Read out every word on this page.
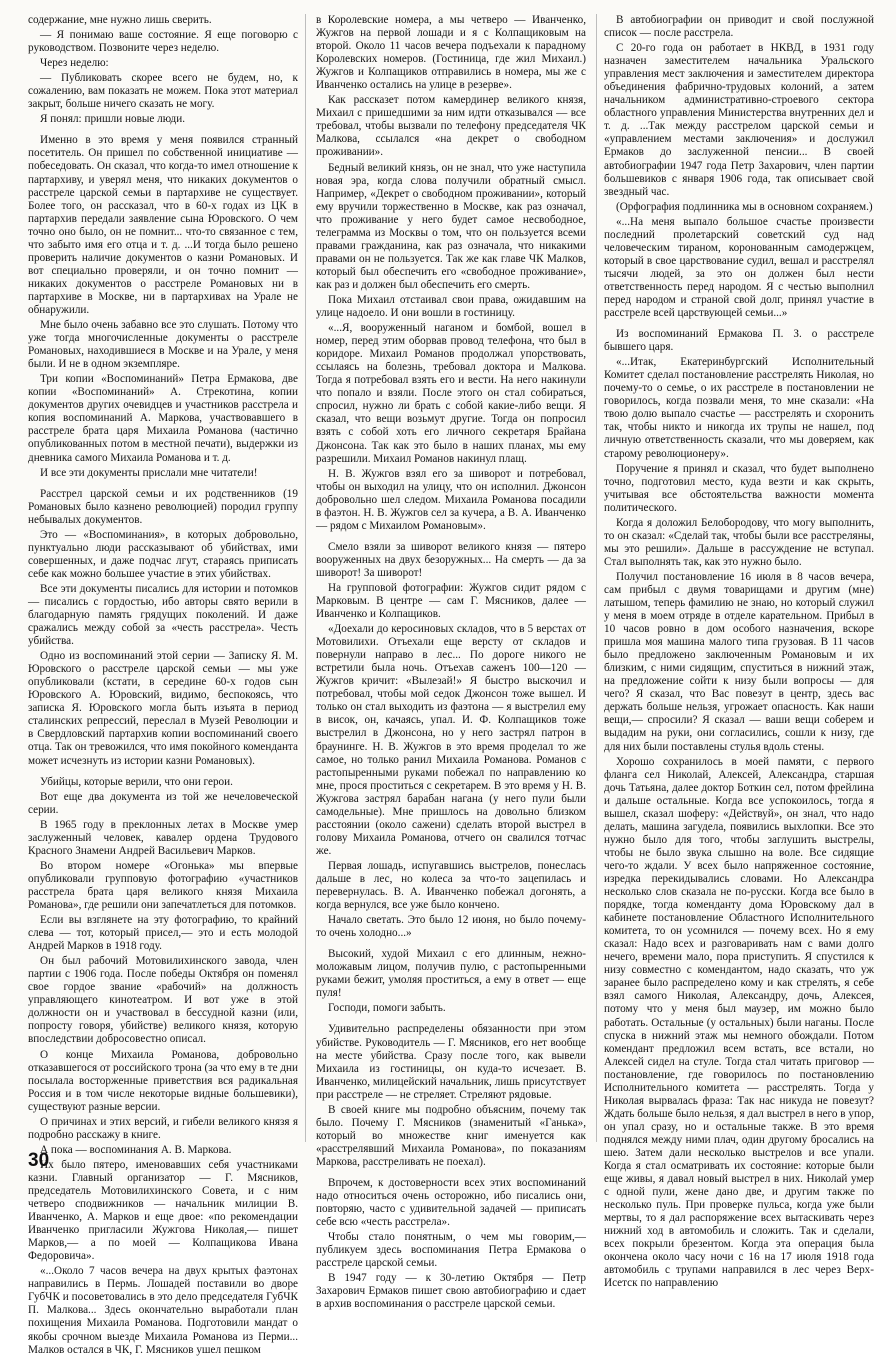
содержание, мне нужно лишь сверить.

— Я понимаю ваше состояние. Я еще поговорю с руководством. Позвоните через неделю.

Через неделю:

— Публиковать скорее всего не будем, но, к сожалению, вам показать не можем. Пока этот материал закрыт, больше ничего сказать не могу.

Я понял: пришли новые люди.

Именно в это время у меня появился странный посетитель. Он пришел по собственной инициативе — побеседовать. Он сказал, что когда-то имел отношение к партархиву, и уверял меня, что никаких документов о расстреле царской семьи в партархиве не существует. Более того, он рассказал, что в 60-х годах из ЦК в партархив передали заявление сына Юровского. О чем точно оно было, он не помнит... что-то связанное с тем, что забыто имя его отца и т. д. ...И тогда было решено проверить наличие документов о казни Романовых. И вот специально проверяли, и он точно помнит — никаких документов о расстреле Романовых ни в партархиве в Москве, ни в партархивах на Урале не обнаружили.

Мне было очень забавно все это слушать. Потому что уже тогда многочисленные документы о расстреле Романовых, находившиеся в Москве и на Урале, у меня были. И не в одном экземпляре.

Три копии «Воспоминаний» Петра Ермакова, две копии «Воспоминаний» А. Стрекотина, копии документов других очевидцев и участников расстрела и копия воспоминаний А. Маркова, участвовавшего в расстреле брата царя Михаила Романова (частично опубликованных потом в местной печати), выдержки из дневника самого Михаила Романова и т. д.

И все эти документы прислали мне читатели!

Расстрел царской семьи и их родственников (19 Романовых было казнено революцией) породил группу небывалых документов.

Это — «Воспоминания», в которых добровольно, пунктуально люди рассказывают об убийствах, ими совершенных, и даже подчас лгут, стараясь приписать себе как можно большее участие в этих убийствах.

Все эти документы писались для истории и потомков — писались с гордостью, ибо авторы свято верили в благодарную память грядущих поколений. И даже сражались между собой за «честь расстрела». Честь убийства.

Одно из воспоминаний этой серии — Записку Я. М. Юровского о расстреле царской семьи — мы уже опубликовали (кстати, в середине 60-х годов сын Юровского А. Юровский, видимо, беспокоясь, что записка Я. Юровского могла быть изъята в период сталинских репрессий, переслал в Музей Революции и в Свердловский партархив копии воспоминаний своего отца. Так он тревожился, что имя покойного коменданта может исчезнуть из истории казни Романовых).

Убийцы, которые верили, что они герои.

Вот еще два документа из той же нечеловеческой серии.

В 1965 году в преклонных летах в Москве умер заслуженный человек, кавалер ордена Трудового Красного Знамени Андрей Васильевич Марков.

Во втором номере «Огонька» мы впервые опубликовали групповую фотографию «участников расстрела брата царя великого князя Михаила Романова», где решили они запечатлеться для потомков.

Если вы взглянете на эту фотографию, то крайний слева — тот, который присел,— это и есть молодой Андрей Марков в 1918 году.

Он был рабочий Мотовилихинского завода, член партии с 1906 года. После победы Октября он поменял свое гордое звание «рабочий» на должность управляющего кинотеатром. И вот уже в этой должности он и участвовал в бессудной казни (или, попросту говоря, убийстве) великого князя, которую впоследствии добросовестно описал.

О конце Михаила Романова, добровольно отказавшегося от российского трона (за что ему в те дни посылала восторженные приветствия вся радикальная Россия и в том числе некоторые видные большевики), существуют разные версии.

О причинах и этих версий, и гибели великого князя я подробно расскажу в книге.

А пока — воспоминания А. В. Маркова.

Их было пятеро, именовавших себя участниками казни. Главный организатор — Г. Мясников, председатель Мотовилихинского Совета, и с ним четверо сподвижников — начальник милиции В. Иванченко, А. Марков и еще двое: «по рекомендации Иванченко пригласили Жужгова Николая,— пишет Марков,— а по моей — Колпащикова Ивана Федоровича».

«...Около 7 часов вечера на двух крытых фаэтонах направились в Пермь. Лошадей поставили во дворе ГубЧК и посоветовались в это дело председателя ГубЧК П. Малкова... Здесь окончательно выработали план похищения Михаила Романова. Подготовили мандат о якобы срочном выезде Михаила Романова из Перми... Малков остался в ЧК, Г. Мясников ушел пешком

в Королевские номера, а мы четверо — Иванченко, Жужгов на первой лошади и я с Колпащиковым на второй. Около 11 часов вечера подъехали к парадному Королевских номеров. (Гостиница, где жил Михаил.) Жужгов и Колпащиков отправились в номера, мы же с Иванченко остались на улице в резерве».

Как рассказет потом камердинер великого князя, Михаил с пришедшими за ним идти отказывался — все требовал, чтобы вызвали по телефону председателя ЧК Малкова, ссылался «на декрет о свободном проживании».

Бедный великий князь, он не знал, что уже наступила новая эра, когда слова получили обратный смысл. Например, «Декрет о свободном проживании», который ему вручили торжественно в Москве, как раз означал, что проживание у него будет самое несвободное, телеграмма из Москвы о том, что он пользуется всеми правами гражданина, как раз означала, что никакими правами он не пользуется. Так же как главе ЧК Малков, который был обеспечить его «свободное проживание», как раз и должен был обеспечить его смерть.

Пока Михаил отстаивал свои права, ожидавшим на улице надоело. И они вошли в гостиницу.

«...Я, вооруженный наганом и бомбой, вошел в номер, перед этим оборвав провод телефона, что был в коридоре. Михаил Романов продолжал упорствовать, ссылаясь на болезнь, требовал доктора и Малкова. Тогда я потребовал взять его и вести. На него накинули что попало и взяли. После этого он стал собираться, спросил, нужно ли брать с собой какие-либо вещи. Я сказал, что вещи возьмут другие. Тогда он попросил взять с собой хоть его личного секретаря Брайана Джонсона. Так как это было в наших планах, мы ему разрешили. Михаил Романов накинул плащ.

Н. В. Жужгов взял его за шиворот и потребовал, чтобы он выходил на улицу, что он исполнил. Джонсон добровольно шел следом. Михаила Романова посадили в фаэтон. Н. В. Жужгов сел за кучера, а В. А. Иванченко — рядом с Михаилом Романовым».

Смело взяли за шиворот великого князя — пятеро вооруженных на двух безоружных... На смерть — да за шиворот! За шиворот!

На групповой фотографии: Жужгов сидит рядом с Марковым. В центре — сам Г. Мясников, далее — Иванченко и Колпащиков.

«Доехали до керосиновых складов, что в 5 верстах от Мотовилихи. Отъехали еще версту от складов и повернули направо в лес... По дороге никого не встретили была ночь. Отъехав саженъ 100—120 — Жужгов кричит: «Вылезай!» Я быстро выскочил и потребовал, чтобы мой седок Джонсон тоже вышел. И только он стал выходить из фаэтона — я выстрелил ему в висок, он, качаясь, упал. И. Ф. Колпащиков тоже выстрелил в Джонсона, но у него застрял патрон в браунинге. Н. В. Жужгов в это время проделал то же самое, но только ранил Михаила Романова. Романов с растопыренными руками побежал по направлению ко мне, прося проститься с секретарем. В это время у Н. В. Жужгова застрял барабан нагана (у него пули были самодельные). Мне пришлось на довольно близком расстоянии (около сажени) сделать второй выстрел в голову Михаила Романова, отчего он свалился тотчас же.

Первая лошадь, испугавшись выстрелов, понеслась дальше в лес, но колеса за что-то зацепилась и перевернулась. В. А. Иванченко побежал догонять, а когда вернулся, все уже было кончено.

Начало светать. Это было 12 июня, но было почему-то очень холодно...»

Высокий, худой Михаил с его длинным, нежно-моложавым лицом, получив пулю, с растопыренными руками бежит, умоляя проститься, а ему в ответ — еще пуля!

Господи, помоги забыть.

Удивительно распределены обязанности при этом убийстве. Руководитель — Г. Мясников, его нет вообще на месте убийства. Сразу после того, как вывели Михаила из гостиницы, он куда-то исчезает. В. Иванченко, милицейский начальник, лишь присутствует при расстреле — не стреляет. Стреляют рядовые.

В своей книге мы подробно объясним, почему так было. Почему Г. Мясников (знаменитый «Ганька», который во множестве книг именуется как «расстрелявший Михаила Романова», по показаниям Маркова, расстреливать не поехал).

Впрочем, к достоверности всех этих воспоминаний надо относиться очень осторожно, ибо писались они, повторяю, часто с удивительной задачей — приписать себе всю «честь расстрела».

Чтобы стало понятным, о чем мы говорим,— публикуем здесь воспоминания Петра Ермакова о расстреле царской семьи.

В 1947 году — к 30-летию Октября — Петр Захарович Ермаков пишет свою автобиографию и сдает в архив воспоминания о расстреле царской семьи.

В автобиографии он приводит и свой послужной список — после расстрела.

С 20-го года он работает в НКВД, в 1931 году назначен заместителем начальника Уральского управления мест заключения и заместителем директора объединения фабрично-трудовых колоний, а затем начальником административно-строевого сектора областного управления Министерства внутренних дел и т. д. ...Так между расстрелом царской семьи и «управлением местами заключения» и дослужил Ермаков до заслуженной пенсии... В своей автобиографии 1947 года Петр Захарович, член партии большевиков с января 1906 года, так описывает свой звездный час.

(Орфография подлинника мы в основном сохраняем.)

«...На меня выпало большое счастье произвести последний пролетарский советский суд над человеческим тираном, коронованным самодержцем, который в свое царствование судил, вешал и расстрелял тысячи людей, за это он должен был нести ответственность перед народом. Я с честью выполнил перед народом и страной свой долг, принял участие в расстреле всей царствующей семьи...»

Из воспоминаний Ермакова П. З. о расстреле бывшего царя.

«...Итак, Екатеринбургский Исполнительный Комитет сделал постановление расстрелять Николая, но почему-то о семье, о их расстреле в постановлении не говорилось, когда позвали меня, то мне сказали: «На твою долю выпало счастье — расстрелять и схоронить так, чтобы никто и никогда их трупы не нашел, под личную ответственность сказали, что мы доверяем, как старому революционеру».

Поручение я принял и сказал, что будет выполнено точно, подготовил место, куда везти и как скрыть, учитывая все обстоятельства важности момента политического.

Когда я доложил Белобородову, что могу выполнить, то он сказал: «Сделай так, чтобы были все расстреляны, мы это решили». Дальше в рассуждение не вступал. Стал выполнять так, как это нужно было.

Получил постановление 16 июля в 8 часов вечера, сам прибыл с двумя товарищами и другим (мне) латышом, теперь фамилию не знаю, но который служил у меня в моем отряде в отделе карательном. Прибыл в 10 часов ровно в дом особого назначения, вскоре пришла моя машина малого типа грузовая. В 11 часов было предложено заключенным Романовым и их близким, с ними сидящим, спуститься в нижний этаж, на предложение сойти к низу были вопросы — для чего? Я сказал, что Вас повезут в центр, здесь вас держать больше нельзя, угрожает опасность. Как наши вещи,— спросили? Я сказал — ваши вещи соберем и выдадим на руки, они согласились, сошли к низу, где для них были поставлены стулья вдоль стены.

Хорошо сохранилось в моей памяти, с первого фланга сел Николай, Алексей, Александра, старшая дочь Татьяна, далее доктор Боткин сел, потом фрейлина и дальше остальные. Когда все успокоилось, тогда я вышел, сказал шоферу: «Действуй», он знал, что надо делать, машина загудела, появились выхлопки. Все это нужно было для того, чтобы заглушить выстрелы, чтобы не было звука слышно на воле. Все сидящие чего-то ждали. У всех было напряженное состояние, изредка перекидывались словами. Но Александра несколько слов сказала не по-русски. Когда все было в порядке, тогда коменданту дома Юровскому дал в кабинете постановление Областного Исполнительного комитета, то он усомнился — почему всех. Но я ему сказал: Надо всех и разговаривать нам с вами долго нечего, времени мало, пора приступить. Я спустился к низу совместно с комендантом, надо сказать, что уж заранее было распределено кому и как стрелять, я себе взял самого Николая, Александру, дочь, Алексея, потому что у меня был маузер, им можно было работать. Остальные (у остальных) были наганы. После спуска в нижний этаж мы немного обождали. Потом комендант предложил всем встать, все встали, но Алексей сидел на стуле. Тогда стал читать приговор — постановление, где говорилось по постановлению Исполнительного комитета — расстрелять. Тогда у Николая вырвалась фраза: Так нас никуда не повезут? Ждать больше было нельзя, я дал выстрел в него в упор, он упал сразу, но и остальные также. В это время поднялся между ними плач, один другому бросались на шею. Затем дали несколько выстрелов и все упали. Когда я стал осматривать их состояние: которые были еще живы, я давал новый выстрел в них. Николай умер с одной пули, жене дано две, и другим также по несколько пуль. При проверке пульса, когда уже были мертвы, то я дал распоряжение всех вытаскивать через нижний ход в автомобиль и сложить. Так и сделали, всех покрыли брезентом. Когда эта операция была окончена около часу ночи с 16 на 17 июля 1918 года автомобиль с трупами направился в лес через Верх-Исетск по направлению

30
